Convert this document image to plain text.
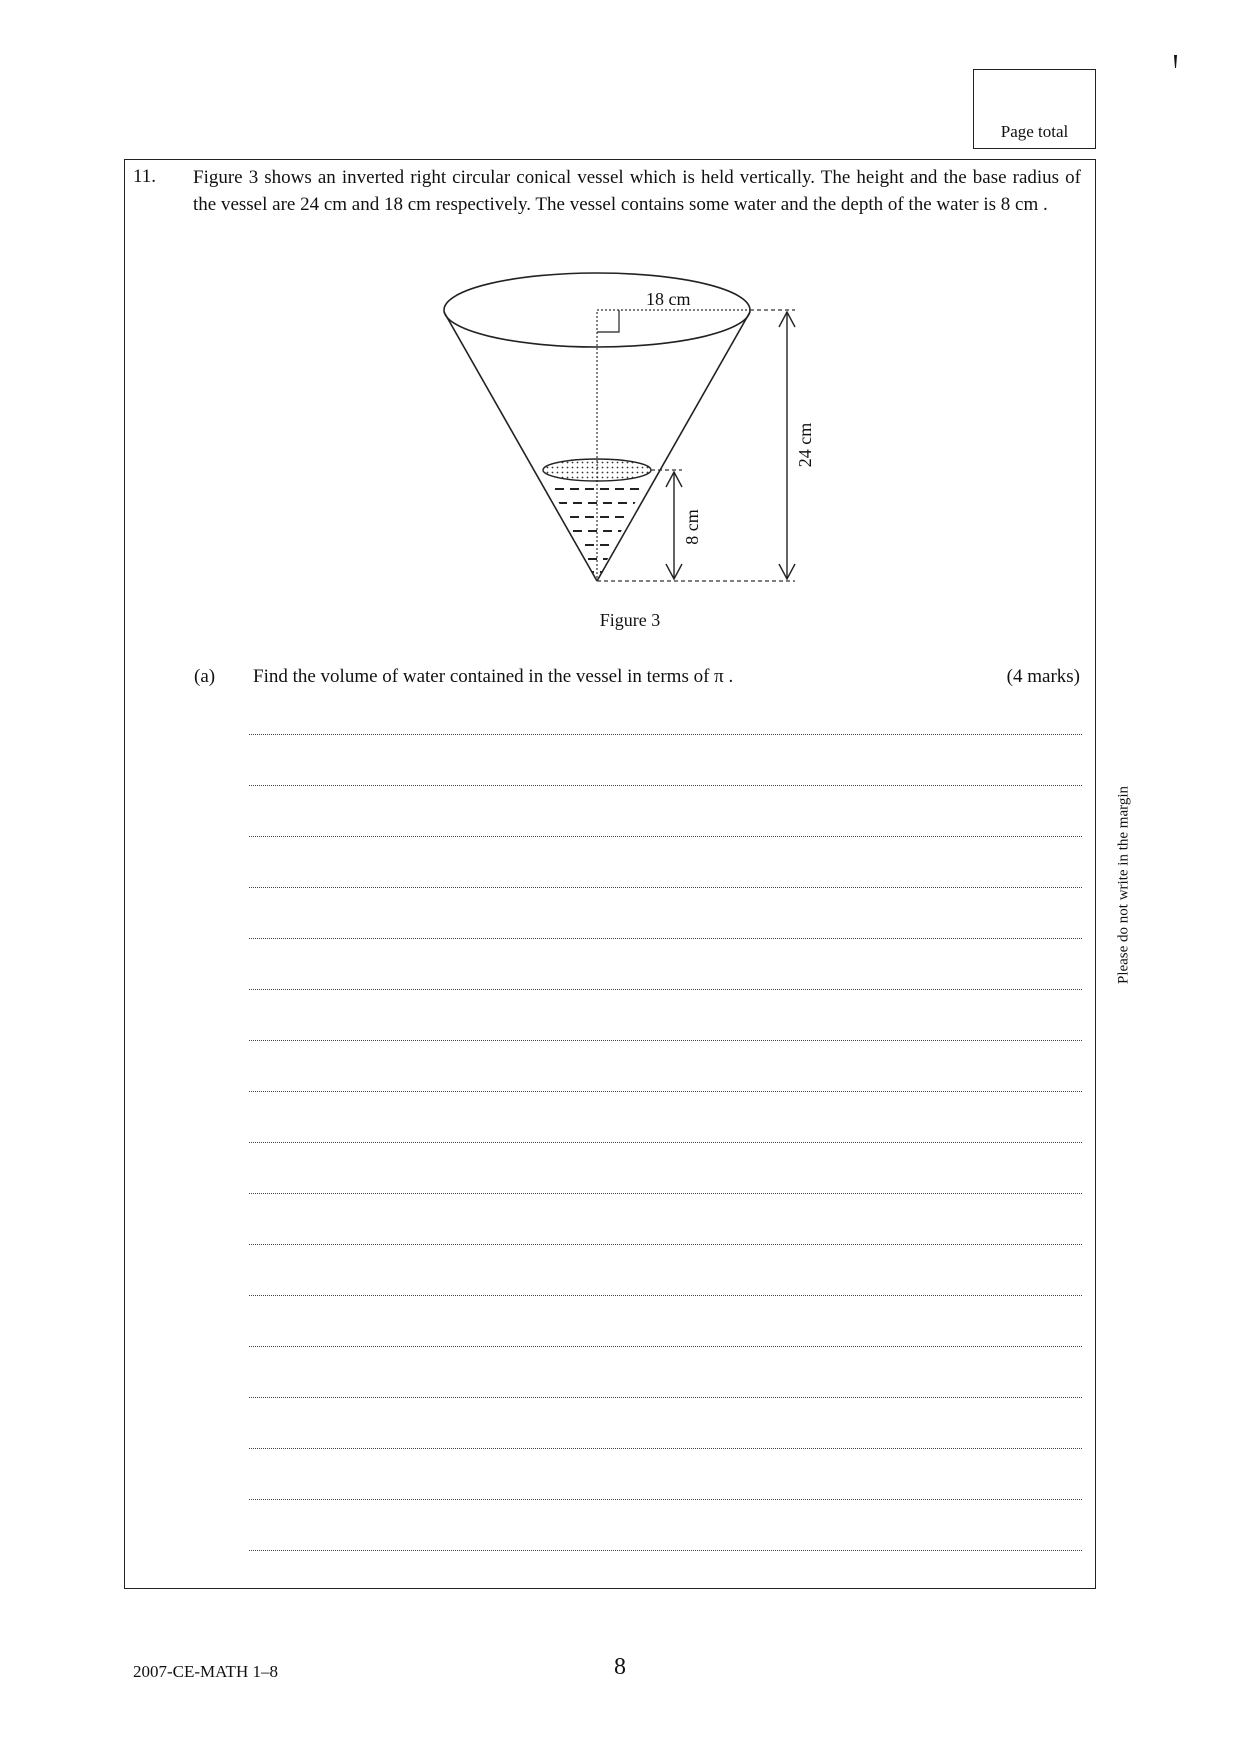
Page total
11. Figure 3 shows an inverted right circular conical vessel which is held vertically. The height and the base radius of the vessel are 24 cm and 18 cm respectively. The vessel contains some water and the depth of the water is 8 cm .
18 cm
24 cm
8 cm
Figure 3
(a) Find the volume of water contained in the vessel in terms of π .	(4 marks)
Please do not write in the margin
2007-CE-MATH 1–8	8
